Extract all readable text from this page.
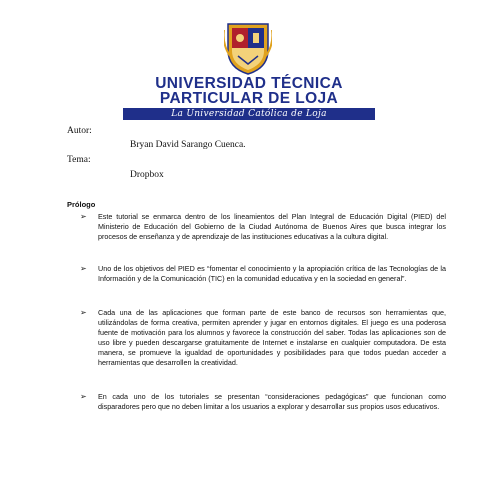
UNIVERSIDAD TÉCNICA
PARTICULAR DE LOJA
La Universidad Católica de Loja
Autor:
Bryan David Sarango Cuenca.
Tema:
Dropbox
Prólogo
➢ Este tutorial se enmarca dentro de los lineamientos del Plan Integral de Educación Digital (PIED) del Ministerio de Educación del Gobierno de la Ciudad Autónoma de Buenos Aires que busca integrar los procesos de enseñanza y de aprendizaje de las instituciones educativas a la cultura digital.
➢ Uno de los objetivos del PIED es “fomentar el conocimiento y la apropiación crítica de las Tecnologías de la Información y de la Comunicación (TIC) en la comunidad educativa y en la sociedad en general”.
➢ Cada una de las aplicaciones que forman parte de este banco de recursos son herramientas que, utilizándolas de forma creativa, permiten aprender y jugar en entornos digitales. El juego es una poderosa fuente de motivación para los alumnos y favorece la construcción del saber. Todas las aplicaciones son de uso libre y pueden descargarse gratuitamente de Internet e instalarse en cualquier computadora. De esta manera, se promueve la igualdad de oportunidades y posibilidades para que todos puedan acceder a herramientas que desarrollen la creatividad.
➢ En cada uno de los tutoriales se presentan “consideraciones pedagógicas” que funcionan como disparadores pero que no deben limitar a los usuarios a explorar y desarrollar sus propios usos educativos.
